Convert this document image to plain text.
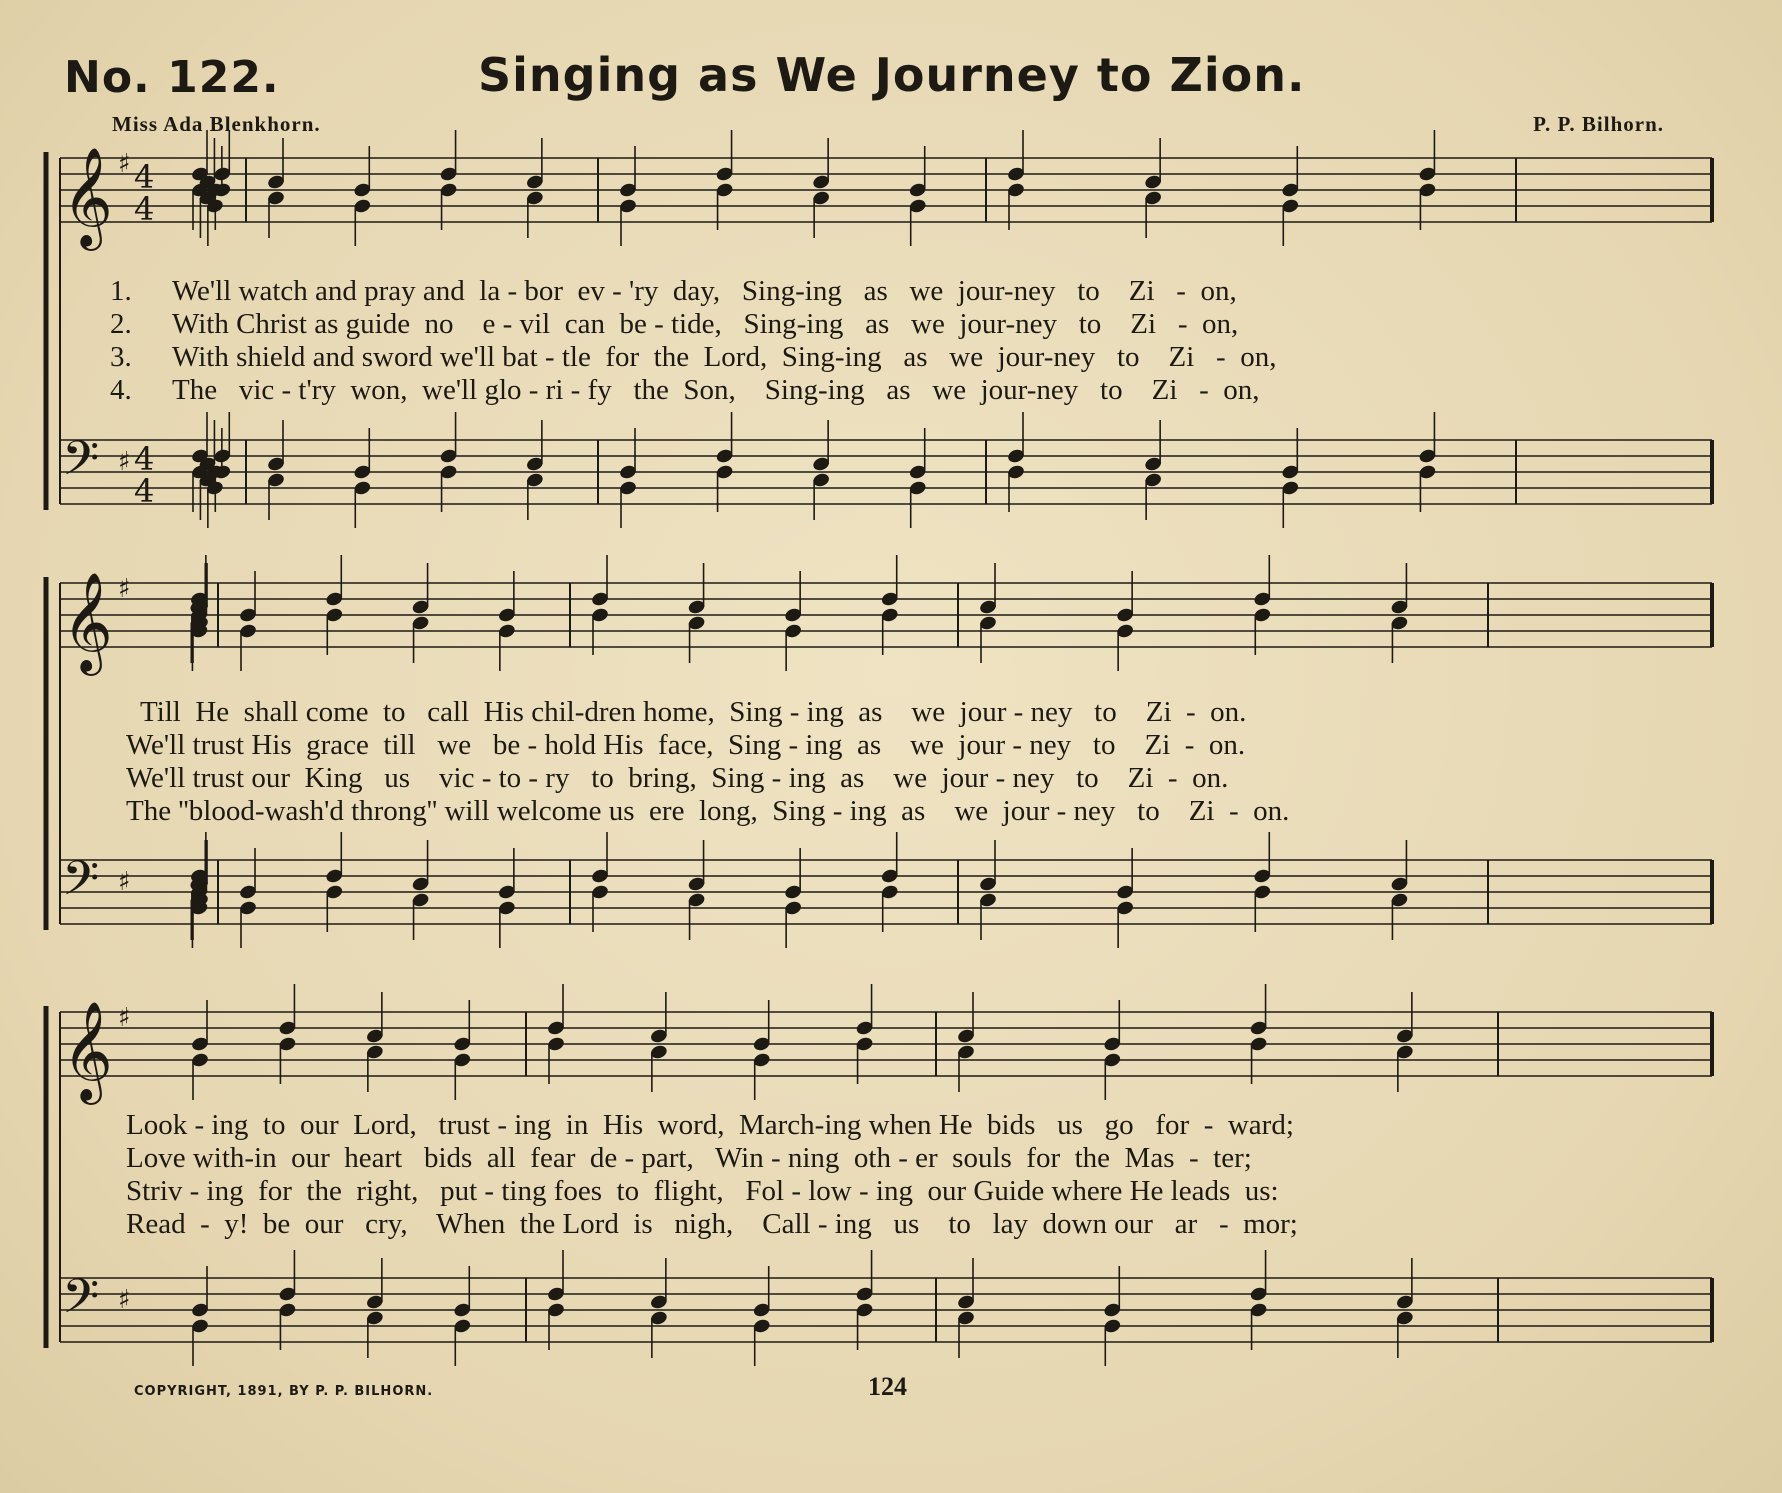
No. 122.	Singing as We Journey to Zion.
Miss Ada Blenkhorn.	P. P. Bilhorn.
𝄞 ♯ 4
4
𝄢 ♯ 4
4
𝄞 ♯
𝄢 ♯
𝄞 ♯
𝄢 ♯
1.
2.
3.
4.
We'll watch and pray and  la - bor  ev - 'ry  day,   Sing-ing   as   we  jour-ney   to    Zi   -  on,
With Christ as guide  no    e - vil  can  be - tide,   Sing-ing   as   we  jour-ney   to    Zi   -  on,
With shield and sword we'll bat - tle  for  the  Lord,  Sing-ing   as   we  jour-ney   to    Zi   -  on,
The   vic - t'ry  won,  we'll glo - ri - fy   the  Son,    Sing-ing   as   we  jour-ney   to    Zi   -  on,
Till  He  shall come  to   call  His chil-dren home,  Sing - ing  as    we  jour - ney   to    Zi  -  on.
We'll trust His  grace  till   we   be - hold His  face,  Sing - ing  as    we  jour - ney   to    Zi  -  on.
We'll trust our  King   us    vic - to - ry   to  bring,  Sing - ing  as    we  jour - ney   to    Zi  -  on.
The ''blood-wash'd throng'' will welcome us  ere  long,  Sing - ing  as    we  jour - ney   to    Zi  -  on.
Look - ing  to  our  Lord,   trust - ing  in  His  word,  March-ing when He  bids   us   go   for  -  ward;
Love with-in  our  heart   bids  all  fear  de - part,   Win - ning  oth - er  souls  for  the  Mas  -  ter;
Striv - ing  for  the  right,   put - ting foes  to  flight,   Fol - low - ing  our Guide where He leads  us:
Read  -  y!  be  our   cry,    When  the Lord  is   nigh,    Call - ing   us    to   lay  down our   ar   -  mor;
COPYRIGHT, 1891, BY P. P. BILHORN.	124
